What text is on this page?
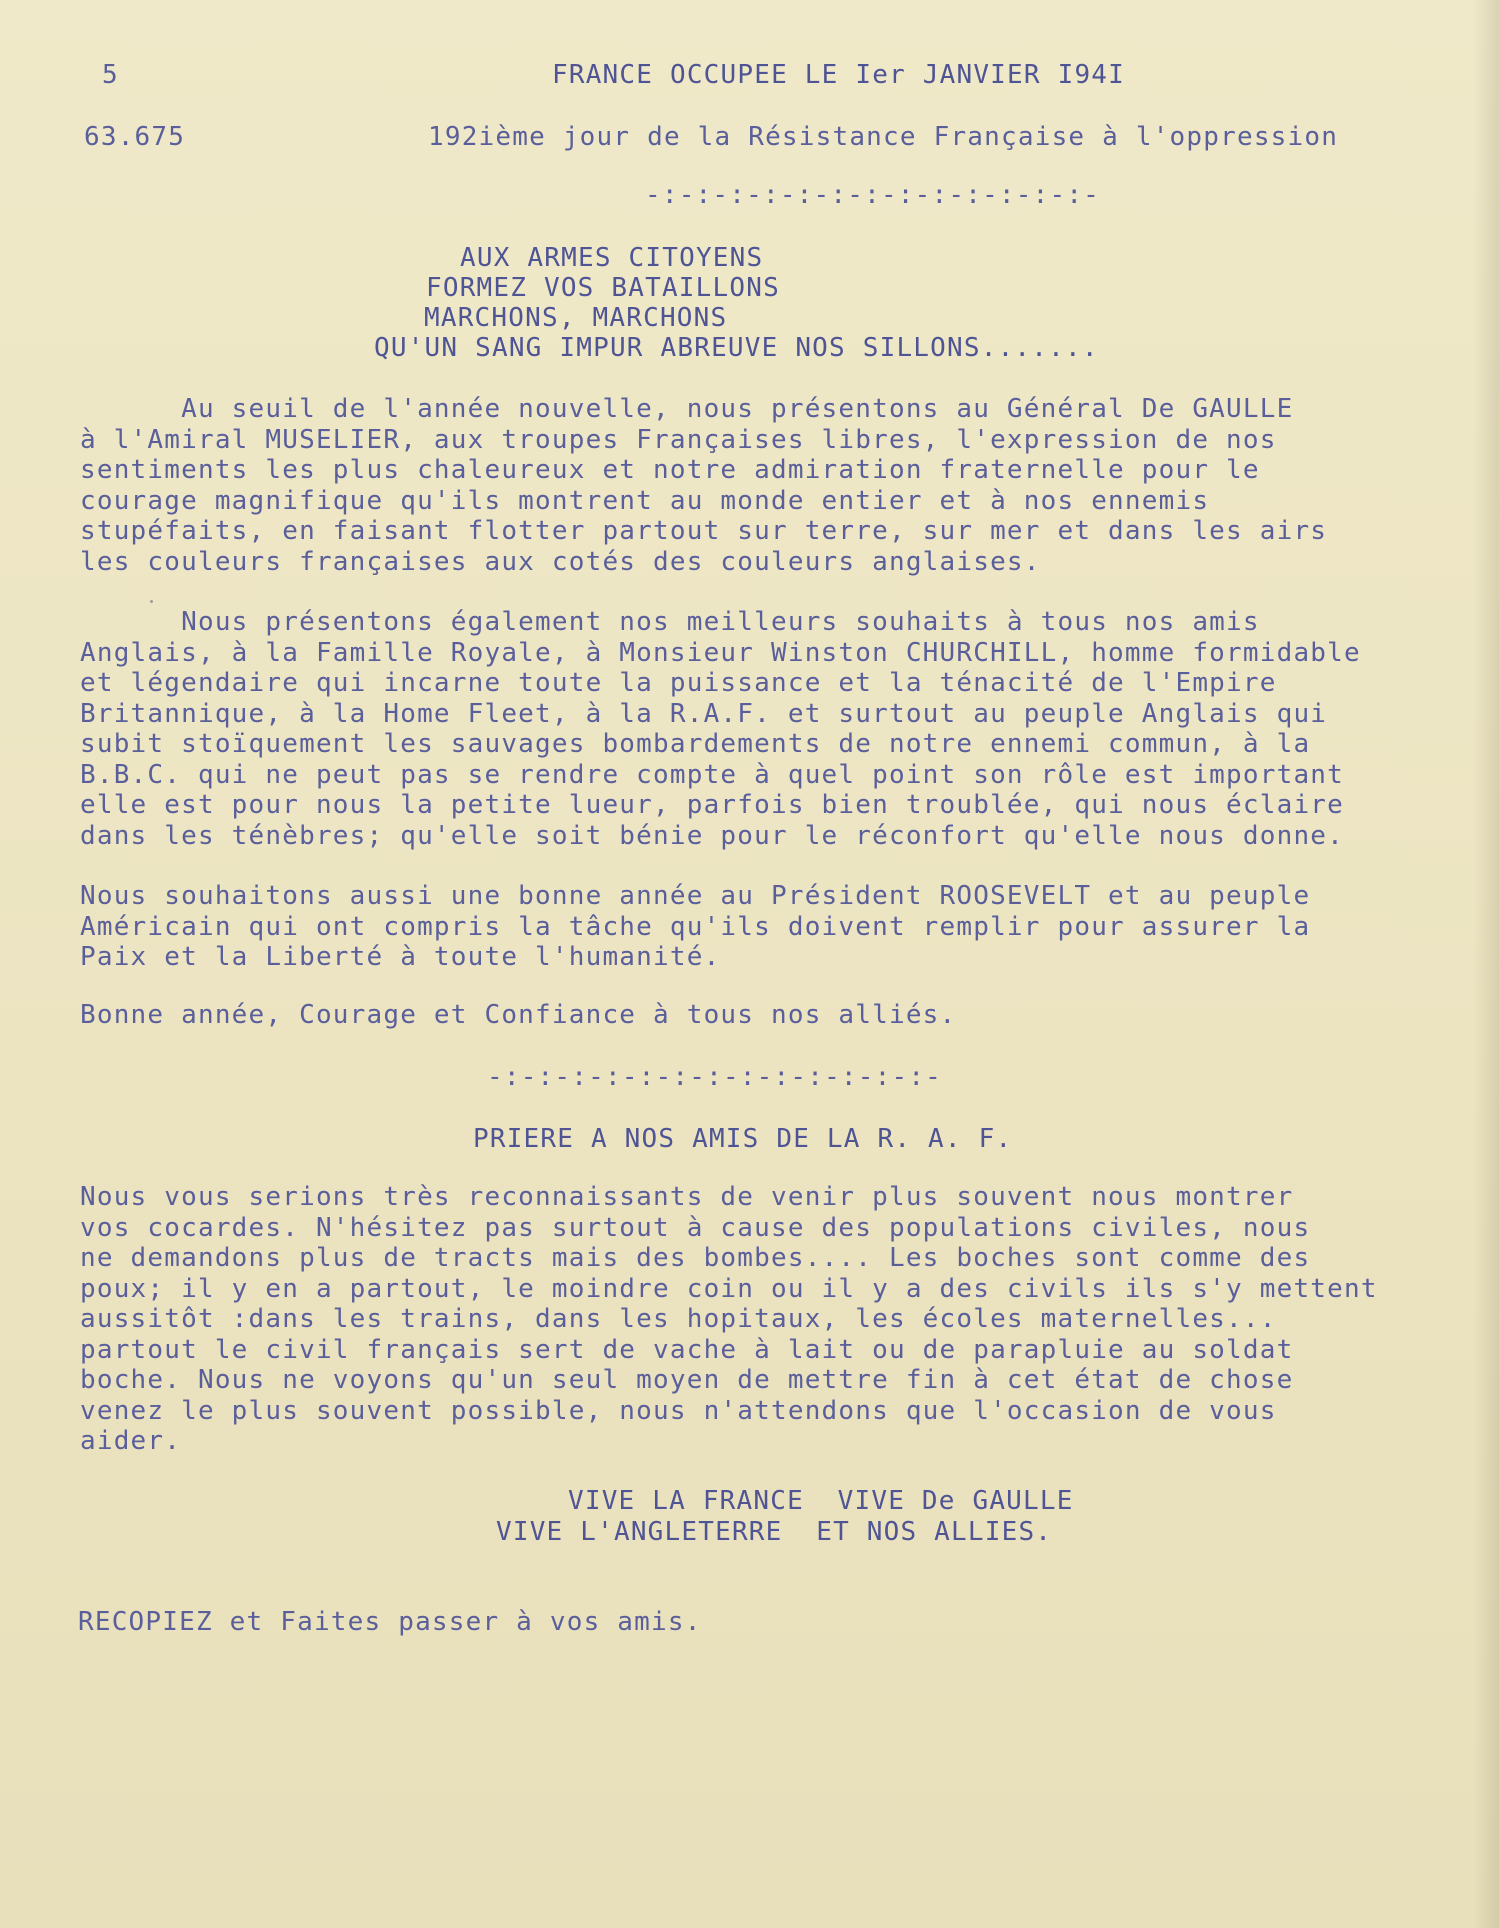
5	FRANCE OCCUPEE LE Ier JANVIER I94I
63.675	192ième jour de la Résistance Française à l'oppression
-:-:-:-:-:-:-:-:-:-:-:-:-:-
AUX ARMES CITOYENS
FORMEZ VOS BATAILLONS
MARCHONS, MARCHONS
QU'UN SANG IMPUR ABREUVE NOS SILLONS.......
Au seuil de l'année nouvelle, nous présentons au Général De GAULLE
à l'Amiral MUSELIER, aux troupes Françaises libres, l'expression de nos
sentiments les plus chaleureux et notre admiration fraternelle pour le
courage magnifique qu'ils montrent au monde entier et à nos ennemis
stupéfaits, en faisant flotter partout sur terre, sur mer et dans les airs
les couleurs françaises aux cotés des couleurs anglaises.
Nous présentons également nos meilleurs souhaits à tous nos amis
Anglais, à la Famille Royale, à Monsieur Winston CHURCHILL, homme formidable
et légendaire qui incarne toute la puissance et la ténacité de l'Empire
Britannique, à la Home Fleet, à la R.A.F. et surtout au peuple Anglais qui
subit stoïquement les sauvages bombardements de notre ennemi commun, à la
B.B.C. qui ne peut pas se rendre compte à quel point son rôle est important
elle est pour nous la petite lueur, parfois bien troublée, qui nous éclaire
dans les ténèbres; qu'elle soit bénie pour le réconfort qu'elle nous donne.
Nous souhaitons aussi une bonne année au Président ROOSEVELT et au peuple
Américain qui ont compris la tâche qu'ils doivent remplir pour assurer la
Paix et la Liberté à toute l'humanité.
Bonne année, Courage et Confiance à tous nos alliés.
-:-:-:-:-:-:-:-:-:-:-:-:-:-
PRIERE A NOS AMIS DE LA R. A. F.
Nous vous serions très reconnaissants de venir plus souvent nous montrer
vos cocardes. N'hésitez pas surtout à cause des populations civiles, nous
ne demandons plus de tracts mais des bombes.... Les boches sont comme des
poux; il y en a partout, le moindre coin ou il y a des civils ils s'y mettent
aussitôt :dans les trains, dans les hopitaux, les écoles maternelles...
partout le civil français sert de vache à lait ou de parapluie au soldat
boche. Nous ne voyons qu'un seul moyen de mettre fin à cet état de chose
venez le plus souvent possible, nous n'attendons que l'occasion de vous
aider.
VIVE LA FRANCE  VIVE De GAULLE
VIVE L'ANGLETERRE  ET NOS ALLIES.
RECOPIEZ et Faites passer à vos amis.
